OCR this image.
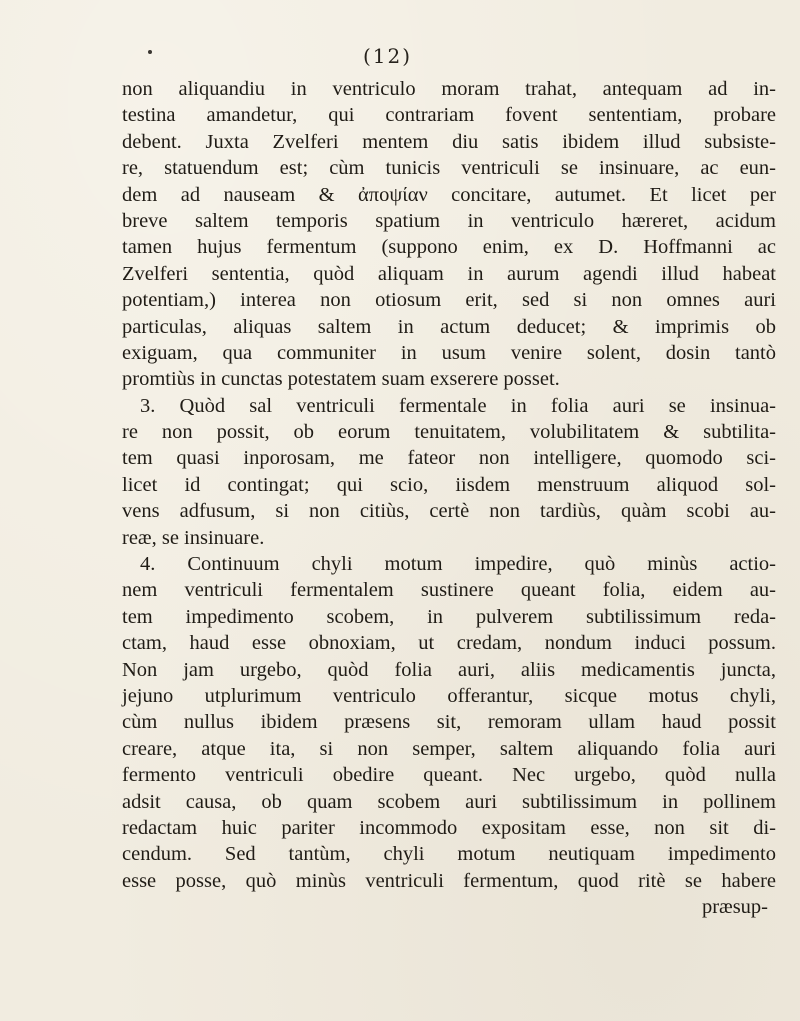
(12)
non aliquandiu in ventriculo moram trahat, antequam ad in-
testina amandetur, qui contrariam fovent sententiam, probare
debent. Juxta Zvelferi mentem diu satis ibidem illud subsiste-
re, statuendum est; cùm tunicis ventriculi se insinuare, ac eun-
dem ad nauseam & ἀποψίαν concitare, autumet. Et licet per
breve saltem temporis spatium in ventriculo hæreret, acidum
tamen hujus fermentum (suppono enim, ex D. Hoffmanni ac
Zvelferi sententia, quòd aliquam in aurum agendi illud habeat
potentiam,) interea non otiosum erit, sed si non omnes auri
particulas, aliquas saltem in actum deducet; & imprimis ob
exiguam, qua communiter in usum venire solent, dosin tantò
promtiùs in cunctas potestatem suam exserere posset.
3. Quòd sal ventriculi fermentale in folia auri se insinua-
re non possit, ob eorum tenuitatem, volubilitatem & subtilita-
tem quasi inporosam, me fateor non intelligere, quomodo sci-
licet id contingat; qui scio, iisdem menstruum aliquod sol-
vens adfusum, si non citiùs, certè non tardiùs, quàm scobi au-
reæ, se insinuare.
4. Continuum chyli motum impedire, quò minùs actio-
nem ventriculi fermentalem sustinere queant folia, eidem au-
tem impedimento scobem, in pulverem subtilissimum reda-
ctam, haud esse obnoxiam, ut credam, nondum induci possum.
Non jam urgebo, quòd folia auri, aliis medicamentis juncta,
jejuno utplurimum ventriculo offerantur, sicque motus chyli,
cùm nullus ibidem præsens sit, remoram ullam haud possit
creare, atque ita, si non semper, saltem aliquando folia auri
fermento ventriculi obedire queant. Nec urgebo, quòd nulla
adsit causa, ob quam scobem auri subtilissimum in pollinem
redactam huic pariter incommodo expositam esse, non sit di-
cendum. Sed tantùm, chyli motum neutiquam impedimento
esse posse, quò minùs ventriculi fermentum, quod ritè se habere
præsup-
